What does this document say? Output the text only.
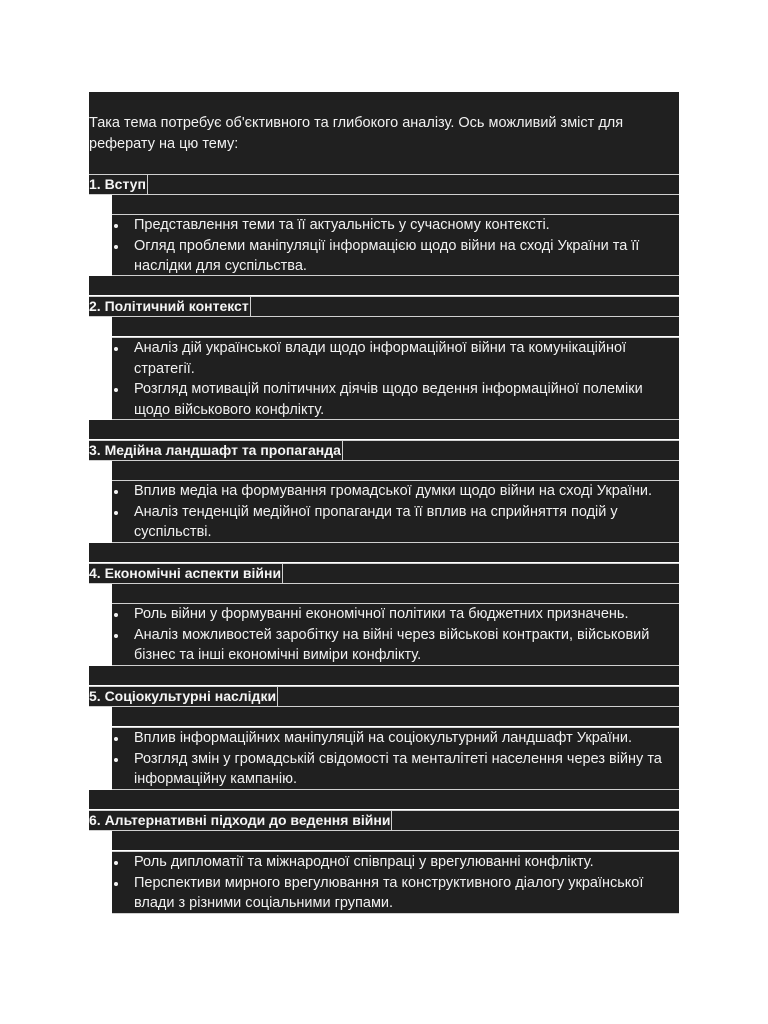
Така тема потребує об'єктивного та глибокого аналізу. Ось можливий зміст для реферату на цю тему:
1. Вступ
Представлення теми та її актуальність у сучасному контексті.
Огляд проблеми маніпуляції інформацією щодо війни на сході України та її наслідки для суспільства.
2. Політичний контекст
Аналіз дій української влади щодо інформаційної війни та комунікаційної стратегії.
Розгляд мотивацій політичних діячів щодо ведення інформаційної полеміки щодо військового конфлікту.
3. Медійна ландшафт та пропаганда
Вплив медіа на формування громадської думки щодо війни на сході України.
Аналіз тенденцій медійної пропаганди та її вплив на сприйняття подій у суспільстві.
4. Економічні аспекти війни
Роль війни у формуванні економічної політики та бюджетних призначень.
Аналіз можливостей заробітку на війні через військові контракти, військовий бізнес та інші економічні виміри конфлікту.
5. Соціокультурні наслідки
Вплив інформаційних маніпуляцій на соціокультурний ландшафт України.
Розгляд змін у громадській свідомості та менталітеті населення через війну та інформаційну кампанію.
6. Альтернативні підходи до ведення війни
Роль дипломатії та міжнародної співпраці у врегулюванні конфлікту.
Перспективи мирного врегулювання та конструктивного діалогу української влади з різними соціальними групами.
